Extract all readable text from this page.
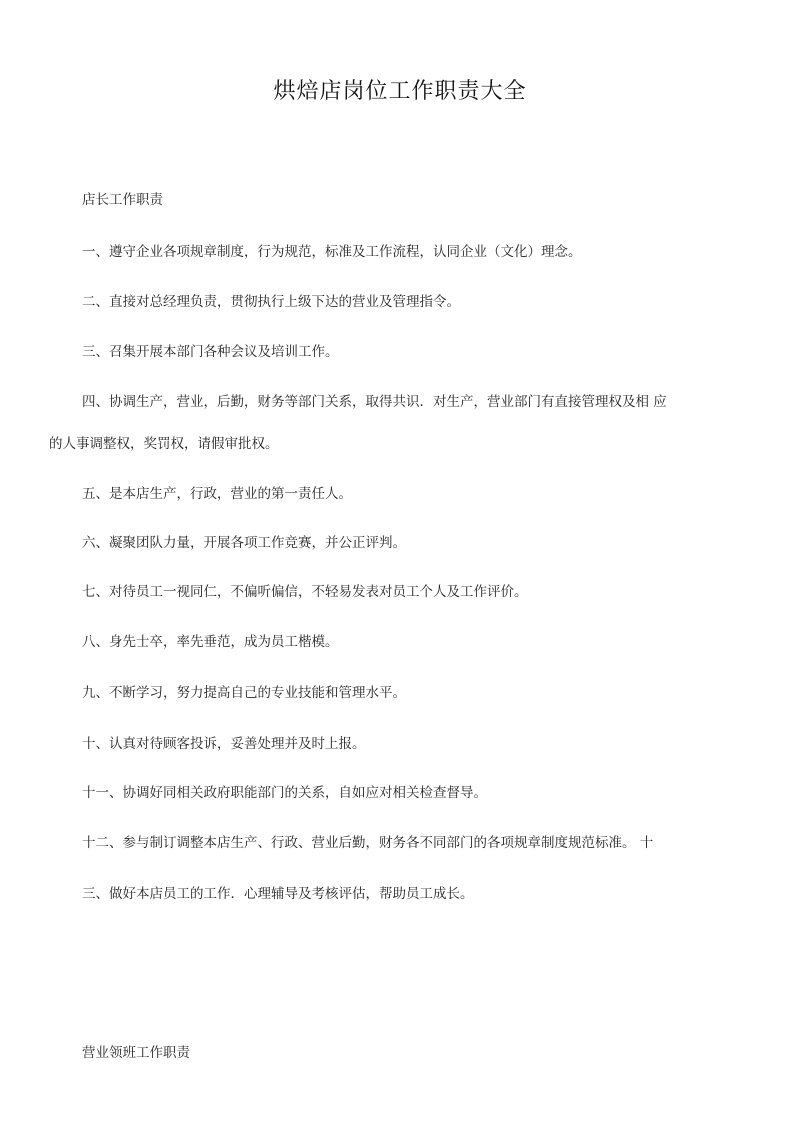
烘焙店岗位工作职责大全
店长工作职责
一、遵守企业各项规章制度，行为规范，标准及工作流程，认同企业（文化）理念。
二、直接对总经理负责，贯彻执行上级下达的营业及管理指令。
三、召集开展本部门各种会议及培训工作。
四、协调生产，营业，后勤，财务等部门关系，取得共识．对生产，营业部门有直接管理权及相 应
的人事调整权，奖罚权，请假审批权。
五、是本店生产，行政，营业的第一责任人。
六、凝聚团队力量，开展各项工作竞赛，并公正评判。
七、对待员工一视同仁，不偏听偏信，不轻易发表对员工个人及工作评价。
八、身先士卒，率先垂范，成为员工楷模。
九、不断学习，努力提高自己的专业技能和管理水平。
十、认真对待顾客投诉，妥善处理并及时上报。
十一、协调好同相关政府职能部门的关系，自如应对相关检查督导。
十二、参与制订调整本店生产、行政、营业后勤，财务各不同部门的各项规章制度规范标准。 十
三、做好本店员工的工作．心理辅导及考核评估，帮助员工成长。
营业领班工作职责
